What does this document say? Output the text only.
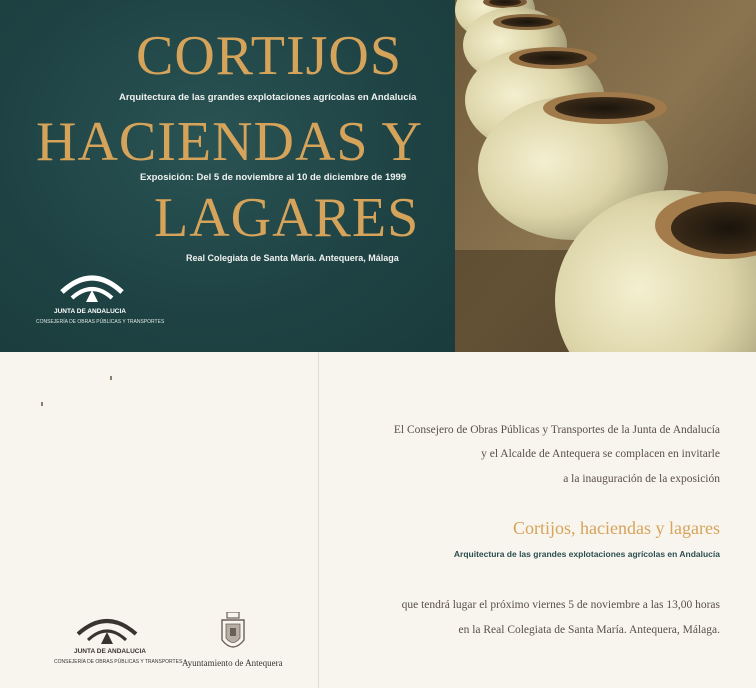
CORTIJOS
Arquitectura de las grandes explotaciones agrícolas en Andalucía
HACIENDAS Y
Exposición: Del 5 de noviembre al 10 de diciembre de 1999
LAGARES
Real Colegiata de Santa María. Antequera, Málaga
JUNTA DE ANDALUCIA
CONSEJERÍA DE OBRAS PÚBLICAS Y TRANSPORTES
El Consejero de Obras Públicas y Transportes de la Junta de Andalucía
y el Alcalde de Antequera se complacen en invitarle
a la inauguración de la exposición
Cortijos, haciendas y lagares
Arquitectura de las grandes explotaciones agrícolas en Andalucía
que tendrá lugar el próximo viernes 5 de noviembre a las 13,00 horas
en la Real Colegiata de Santa María. Antequera, Málaga.
JUNTA DE ANDALUCIA
CONSEJERÍA DE OBRAS PÚBLICAS Y TRANSPORTES Ayuntamiento de Antequera
